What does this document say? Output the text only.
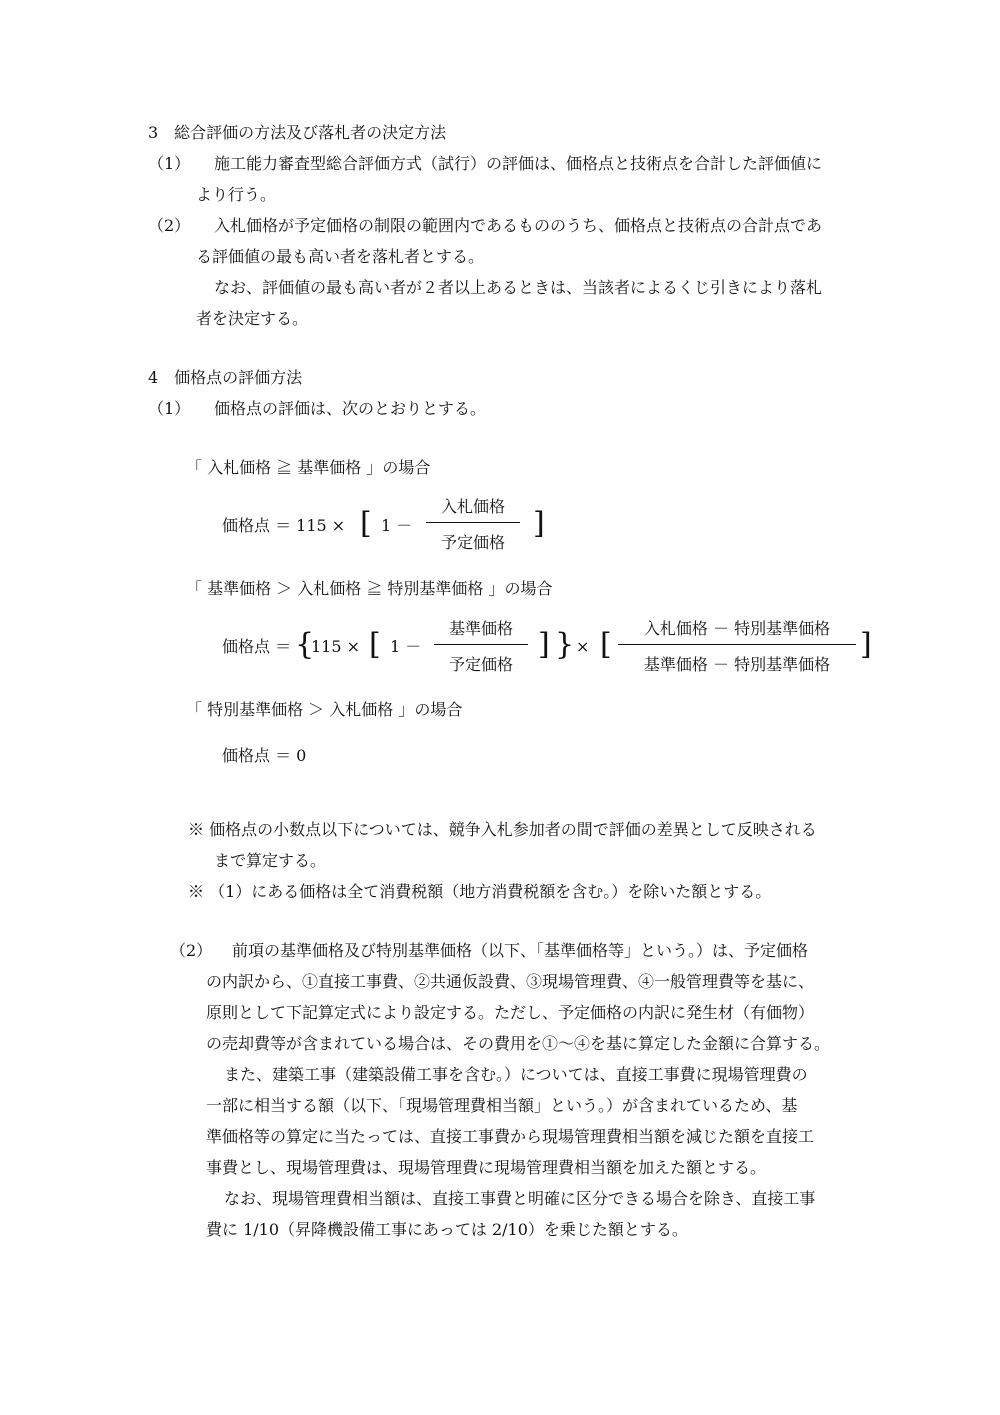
3　総合評価の方法及び落札者の決定方法
（1） 施工能力審査型総合評価方式（試行）の評価は、価格点と技術点を合計した評価値に
より行う。
（2） 入札価格が予定価格の制限の範囲内であるもののうち、価格点と技術点の合計点であ
る評価値の最も高い者を落札者とする。
なお、評価値の最も高い者が２者以上あるときは、当該者によるくじ引きにより落札
者を決定する。
4　価格点の評価方法
（1） 価格点の評価は、次のとおりとする。
「 入札価格 ≧ 基準価格 」の場合
価格点 ＝ 115 × [ 1 －
入札価格
予定価格
]
「 基準価格 ＞ 入札価格 ≧ 特別基準価格 」の場合
価格点 ＝ {
115 × [ 1 －
基準価格
予定価格
] } × [	入札価格 － 特別基準価格
基準価格 － 特別基準価格
]
「 特別基準価格 ＞ 入札価格 」の場合
価格点 ＝ 0
※ 価格点の小数点以下については、競争入札参加者の間で評価の差異として反映される
まで算定する。
※ （1）にある価格は全て消費税額（地方消費税額を含む。）を除いた額とする。
（2） 前項の基準価格及び特別基準価格（以下、「基準価格等」という。）は、予定価格
の内訳から、①直接工事費、②共通仮設費、③現場管理費、④一般管理費等を基に、
原則として下記算定式により設定する。ただし、予定価格の内訳に発生材（有価物）
の売却費等が含まれている場合は、その費用を①～④を基に算定した金額に合算する。
また、建築工事（建築設備工事を含む。）については、直接工事費に現場管理費の
一部に相当する額（以下、「現場管理費相当額」という。）が含まれているため、基
準価格等の算定に当たっては、直接工事費から現場管理費相当額を減じた額を直接工
事費とし、現場管理費は、現場管理費に現場管理費相当額を加えた額とする。
なお、現場管理費相当額は、直接工事費と明確に区分できる場合を除き、直接工事
費に 1/10（昇降機設備工事にあっては 2/10）を乗じた額とする。
